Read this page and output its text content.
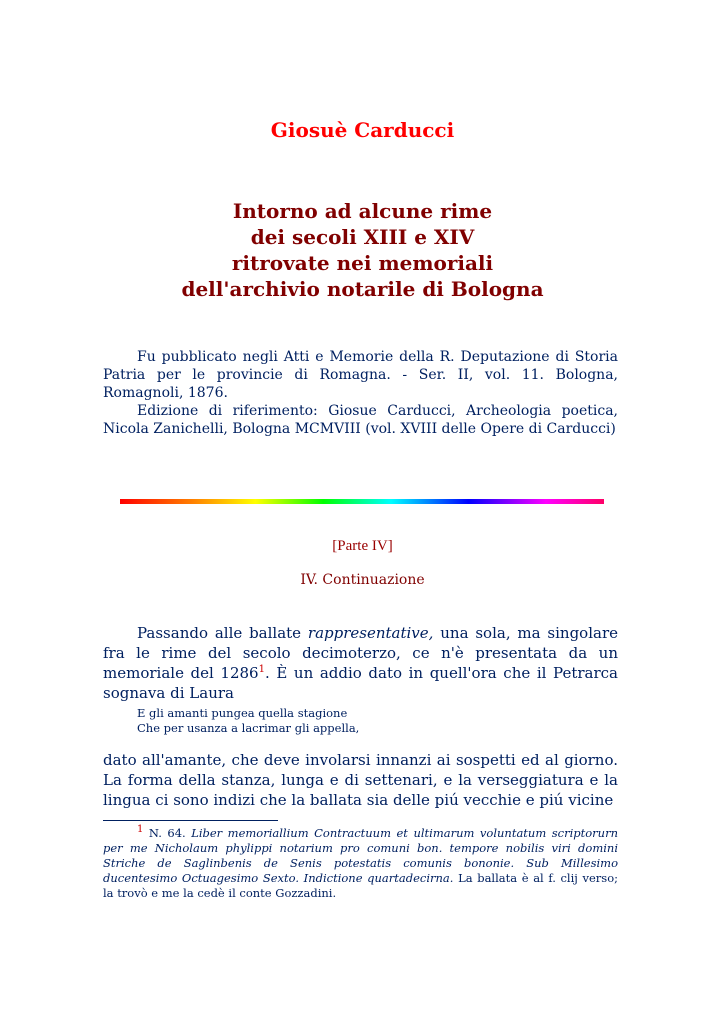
Giosuè Carducci
Intorno ad alcune rime
dei secoli XIII e XIV
ritrovate nei memoriali
dell'archivio notarile di Bologna

Fu pubblicato negli Atti e Memorie della R. Deputazione di Storia Patria per le provincie di Romagna. - Ser. II, vol. 11. Bologna, Romagnoli, 1876.

Edizione di riferimento: Giosue Carducci, Archeologia poetica, Nicola Zanichelli, Bologna MCMVIII (vol. XVIII delle Opere di Carducci)

[Parte IV]
IV. Continuazione

Passando alle ballate rappresentative, una sola, ma singolare fra le rime del secolo decimoterzo, ce n'è presentata da un memoriale del 1286$^1$. È un addio dato in quell'ora che il Petrarca sognava di Laura

E gli amanti pungea quella stagione
Che per usanza a lacrimar gli appella,

dato all'amante, che deve involarsi innanzi ai sospetti ed al giorno. La forma della stanza, lunga e di settenari, e la verseggiatura e la lingua ci sono indizi che la ballata sia delle piú vecchie e piú vicine

$^1$ N. 64. Liber memoriallium Contractuum et ultimarum voluntatum scriptorurn per me Nicholaum phylippi notarium pro comuni bon. tempore nobilis viri domini Striche de Saglinbenis de Senis potestatis comunis bononie. Sub Millesimo ducentesimo Octuagesimo Sexto. Indictione quartadecirna. La ballata è al f. clij verso; la trovò e me la cedè il conte Gozzadini.
